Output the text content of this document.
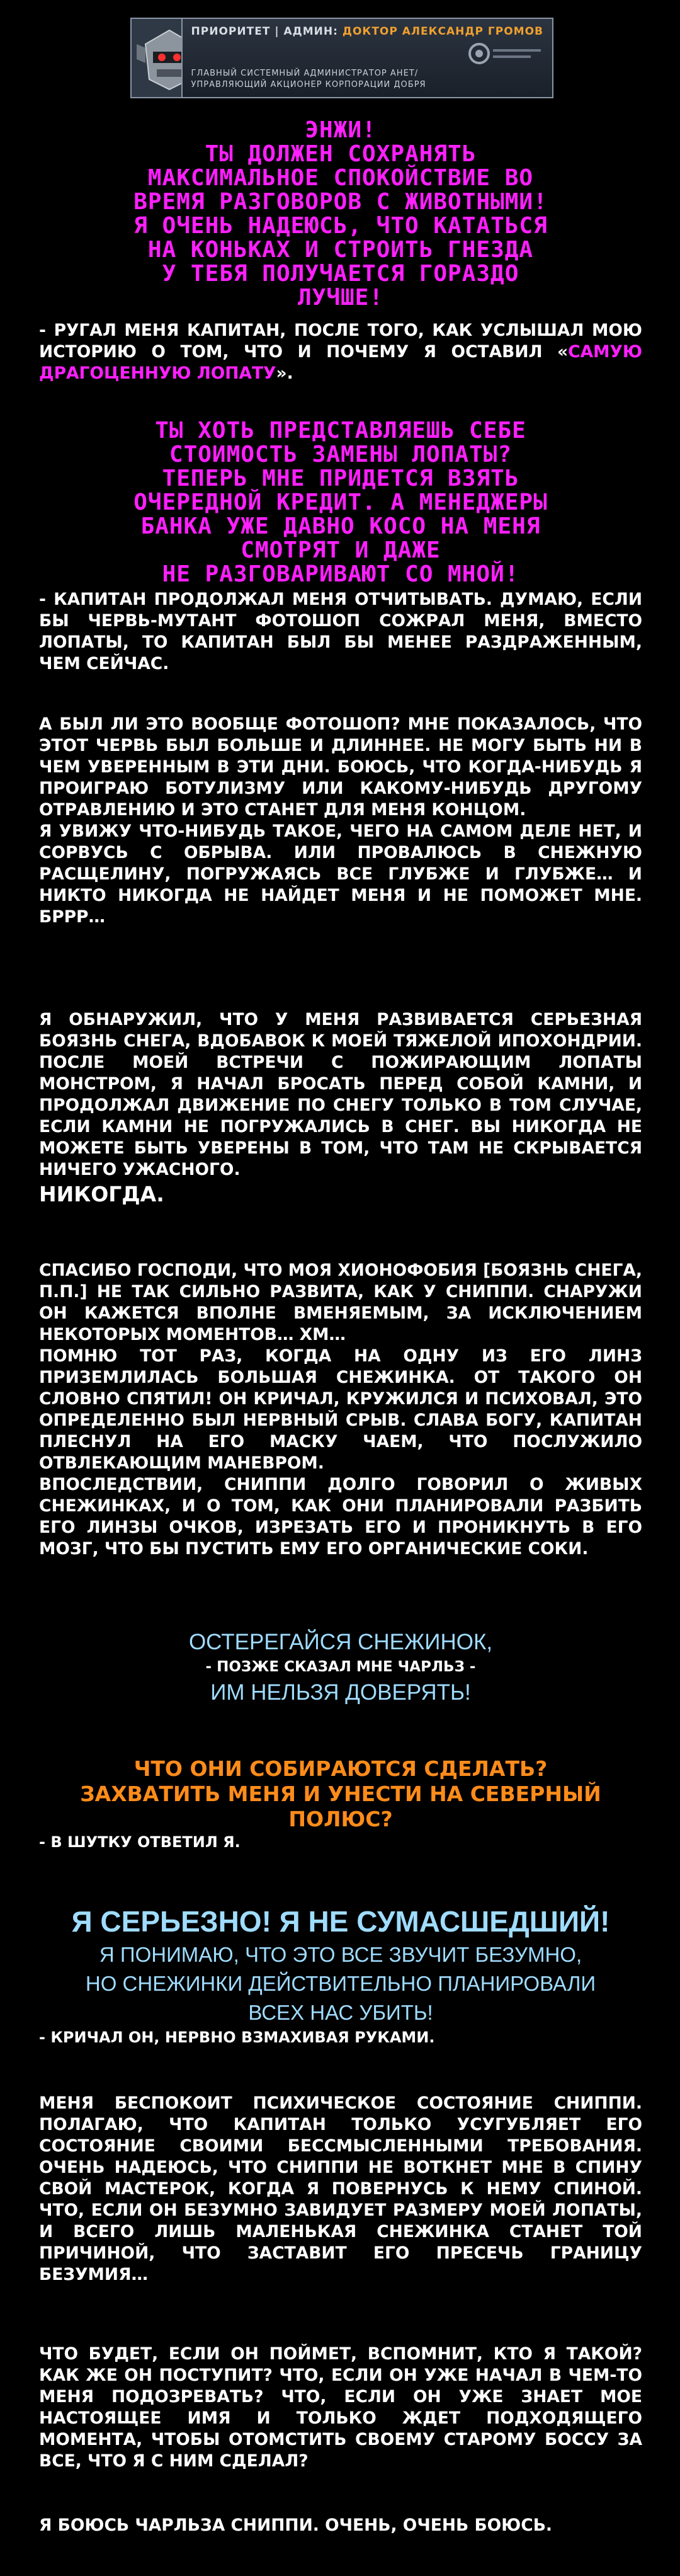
ПРИОРИТЕТ | АДМИН: ДОКТОР АЛЕКСАНДР ГРОМОВ
ГЛАВНЫЙ СИСТЕМНЫЙ АДМИНИСТРАТОР АНЕТ/ УПРАВЛЯЮЩИЙ АКЦИОНЕР КОРПОРАЦИИ ДОБРЯ
ЭНЖИ!
ТЫ ДОЛЖЕН СОХРАНЯТЬ
МАКСИМАЛЬНОЕ СПОКОЙСТВИЕ ВО
ВРЕМЯ РАЗГОВОРОВ С ЖИВОТНЫМИ!
Я ОЧЕНЬ НАДЕЮСЬ, ЧТО КАТАТЬСЯ
НА КОНЬКАХ И СТРОИТЬ ГНЕЗДА
У ТЕБЯ ПОЛУЧАЕТСЯ ГОРАЗДО
ЛУЧШЕ!

- РУГАЛ МЕНЯ КАПИТАН, ПОСЛЕ ТОГО, КАК УСЛЫШАЛ МОЮ ИСТОРИЮ О ТОМ, ЧТО И ПОЧЕМУ Я ОСТАВИЛ «САМУЮ ДРАГОЦЕННУЮ ЛОПАТУ».

ТЫ ХОТЬ ПРЕДСТАВЛЯЕШЬ СЕБЕ
СТОИМОСТЬ ЗАМЕНЫ ЛОПАТЫ?
ТЕПЕРЬ МНЕ ПРИДЕТСЯ ВЗЯТЬ
ОЧЕРЕДНОЙ КРЕДИТ. А МЕНЕДЖЕРЫ
БАНКА УЖЕ ДАВНО КОСО НА МЕНЯ
СМОТРЯТ И ДАЖЕ
НЕ РАЗГОВАРИВАЮТ СО МНОЙ!

- КАПИТАН ПРОДОЛЖАЛ МЕНЯ ОТЧИТЫВАТЬ. ДУМАЮ, ЕСЛИ БЫ ЧЕРВЬ-МУТАНТ ФОТОШОП СОЖРАЛ МЕНЯ, ВМЕСТО ЛОПАТЫ, ТО КАПИТАН БЫЛ БЫ МЕНЕЕ РАЗДРАЖЕННЫМ, ЧЕМ СЕЙЧАС.

А БЫЛ ЛИ ЭТО ВООБЩЕ ФОТОШОП? МНЕ ПОКАЗАЛОСЬ, ЧТО ЭТОТ ЧЕРВЬ БЫЛ БОЛЬШЕ И ДЛИННЕЕ. НЕ МОГУ БЫТЬ НИ В ЧЕМ УВЕРЕННЫМ В ЭТИ ДНИ. БОЮСЬ, ЧТО КОГДА-НИБУДЬ Я ПРОИГРАЮ БОТУЛИЗМУ ИЛИ КАКОМУ-НИБУДЬ ДРУГОМУ ОТРАВЛЕНИЮ И ЭТО СТАНЕТ ДЛЯ МЕНЯ КОНЦОМ.

Я УВИЖУ ЧТО-НИБУДЬ ТАКОЕ, ЧЕГО НА САМОМ ДЕЛЕ НЕТ, И СОРВУСЬ С ОБРЫВА. ИЛИ ПРОВАЛЮСЬ В СНЕЖНУЮ РАСЩЕЛИНУ, ПОГРУЖАЯСЬ ВСЕ ГЛУБЖЕ И ГЛУБЖЕ… И НИКТО НИКОГДА НЕ НАЙДЕТ МЕНЯ И НЕ ПОМОЖЕТ МНЕ. БРРР…

Я ОБНАРУЖИЛ, ЧТО У МЕНЯ РАЗВИВАЕТСЯ СЕРЬЕЗНАЯ БОЯЗНЬ СНЕГА, ВДОБАВОК К МОЕЙ ТЯЖЕЛОЙ ИПОХОНДРИИ. ПОСЛЕ МОЕЙ ВСТРЕЧИ С ПОЖИРАЮЩИМ ЛОПАТЫ МОНСТРОМ, Я НАЧАЛ БРОСАТЬ ПЕРЕД СОБОЙ КАМНИ, И ПРОДОЛЖАЛ ДВИЖЕНИЕ ПО СНЕГУ ТОЛЬКО В ТОМ СЛУЧАЕ, ЕСЛИ КАМНИ НЕ ПОГРУЖАЛИСЬ В СНЕГ. ВЫ НИКОГДА НЕ МОЖЕТЕ БЫТЬ УВЕРЕНЫ В ТОМ, ЧТО ТАМ НЕ СКРЫВАЕТСЯ НИЧЕГО УЖАСНОГО.

НИКОГДА.

СПАСИБО ГОСПОДИ, ЧТО МОЯ ХИОНОФОБИЯ [БОЯЗНЬ СНЕГА, П.П.] НЕ ТАК СИЛЬНО РАЗВИТА, КАК У СНИППИ. СНАРУЖИ ОН КАЖЕТСЯ ВПОЛНЕ ВМЕНЯЕМЫМ, ЗА ИСКЛЮЧЕНИЕМ НЕКОТОРЫХ МОМЕНТОВ… ХМ…

ПОМНЮ ТОТ РАЗ, КОГДА НА ОДНУ ИЗ ЕГО ЛИНЗ ПРИЗЕМЛИЛАСЬ БОЛЬШАЯ СНЕЖИНКА. ОТ ТАКОГО ОН СЛОВНО СПЯТИЛ! ОН КРИЧАЛ, КРУЖИЛСЯ И ПСИХОВАЛ, ЭТО ОПРЕДЕЛЕННО БЫЛ НЕРВНЫЙ СРЫВ. СЛАВА БОГУ, КАПИТАН ПЛЕСНУЛ НА ЕГО МАСКУ ЧАЕМ, ЧТО ПОСЛУЖИЛО ОТВЛЕКАЮЩИМ МАНЕВРОМ.

ВПОСЛЕДСТВИИ, СНИППИ ДОЛГО ГОВОРИЛ О ЖИВЫХ СНЕЖИНКАХ, И О ТОМ, КАК ОНИ ПЛАНИРОВАЛИ РАЗБИТЬ ЕГО ЛИНЗЫ ОЧКОВ, ИЗРЕЗАТЬ ЕГО И ПРОНИКНУТЬ В ЕГО МОЗГ, ЧТО БЫ ПУСТИТЬ ЕМУ ЕГО ОРГАНИЧЕСКИЕ СОКИ.

ОСТЕРЕГАЙСЯ СНЕЖИНОК,
- ПОЗЖЕ СКАЗАЛ МНЕ ЧАРЛЬЗ -
ИМ НЕЛЬЗЯ ДОВЕРЯТЬ!
ЧТО ОНИ СОБИРАЮТСЯ СДЕЛАТЬ?
ЗАХВАТИТЬ МЕНЯ И УНЕСТИ НА СЕВЕРНЫЙ
ПОЛЮС?
- В ШУТКУ ОТВЕТИЛ Я.
Я СЕРЬЕЗНО! Я НЕ СУМАСШЕДШИЙ!
Я ПОНИМАЮ, ЧТО ЭТО ВСЕ ЗВУЧИТ БЕЗУМНО,
НО СНЕЖИНКИ ДЕЙСТВИТЕЛЬНО ПЛАНИРОВАЛИ
ВСЕХ НАС УБИТЬ!
- КРИЧАЛ ОН, НЕРВНО ВЗМАХИВАЯ РУКАМИ.

МЕНЯ БЕСПОКОИТ ПСИХИЧЕСКОЕ СОСТОЯНИЕ СНИППИ. ПОЛАГАЮ, ЧТО КАПИТАН ТОЛЬКО УСУГУБЛЯЕТ ЕГО СОСТОЯНИЕ СВОИМИ БЕССМЫСЛЕННЫМИ ТРЕБОВАНИЯ. ОЧЕНЬ НАДЕЮСЬ, ЧТО СНИППИ НЕ ВОТКНЕТ МНЕ В СПИНУ СВОЙ МАСТЕРОК, КОГДА Я ПОВЕРНУСЬ К НЕМУ СПИНОЙ. ЧТО, ЕСЛИ ОН БЕЗУМНО ЗАВИДУЕТ РАЗМЕРУ МОЕЙ ЛОПАТЫ, И ВСЕГО ЛИШЬ МАЛЕНЬКАЯ СНЕЖИНКА СТАНЕТ ТОЙ ПРИЧИНОЙ, ЧТО ЗАСТАВИТ ЕГО ПРЕСЕЧЬ ГРАНИЦУ БЕЗУМИЯ…

ЧТО БУДЕТ, ЕСЛИ ОН ПОЙМЕТ, ВСПОМНИТ, КТО Я ТАКОЙ? КАК ЖЕ ОН ПОСТУПИТ? ЧТО, ЕСЛИ ОН УЖЕ НАЧАЛ В ЧЕМ-ТО МЕНЯ ПОДОЗРЕВАТЬ? ЧТО, ЕСЛИ ОН УЖЕ ЗНАЕТ МОЕ НАСТОЯЩЕЕ ИМЯ И ТОЛЬКО ЖДЕТ ПОДХОДЯЩЕГО МОМЕНТА, ЧТОБЫ ОТОМСТИТЬ СВОЕМУ СТАРОМУ БОССУ ЗА ВСЕ, ЧТО Я С НИМ СДЕЛАЛ?

Я БОЮСЬ ЧАРЛЬЗА СНИППИ. ОЧЕНЬ, ОЧЕНЬ БОЮСЬ.
